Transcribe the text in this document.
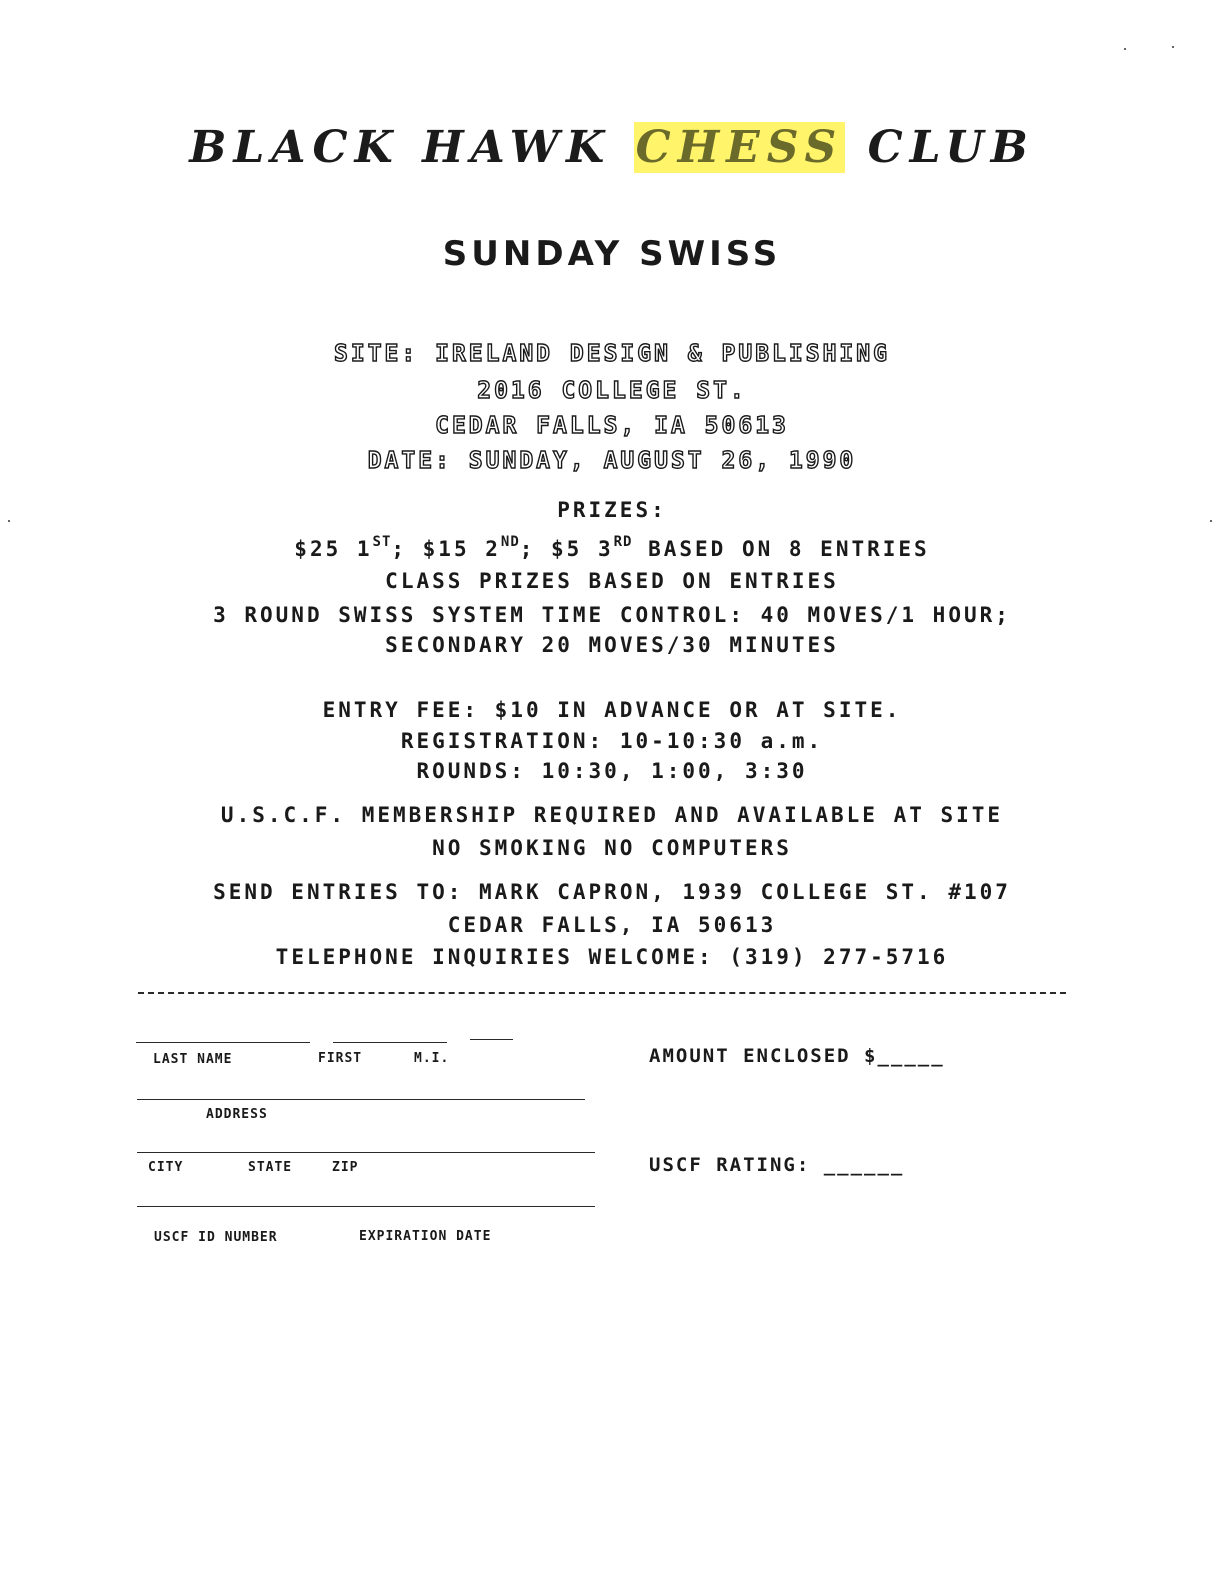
BLACK HAWK CHESS CLUB
SUNDAY SWISS
SITE: IRELAND DESIGN & PUBLISHING
2016 COLLEGE ST.
CEDAR FALLS, IA 50613
DATE: SUNDAY, AUGUST 26, 1990
PRIZES:
$25 1ST; $15 2ND; $5 3RD BASED ON 8 ENTRIES
CLASS PRIZES BASED ON ENTRIES
3 ROUND SWISS SYSTEM TIME CONTROL: 40 MOVES/1 HOUR;
SECONDARY 20 MOVES/30 MINUTES
ENTRY FEE: $10 IN ADVANCE OR AT SITE.
REGISTRATION: 10-10:30 a.m.
ROUNDS: 10:30, 1:00, 3:30
U.S.C.F. MEMBERSHIP REQUIRED AND AVAILABLE AT SITE
NO SMOKING NO COMPUTERS
SEND ENTRIES TO: MARK CAPRON, 1939 COLLEGE ST. #107
CEDAR FALLS, IA 50613
TELEPHONE INQUIRIES WELCOME: (319) 277-5716
LAST NAME	FIRST	M.I.
ADDRESS
CITY	STATE	ZIP
USCF ID NUMBER	EXPIRATION DATE
AMOUNT ENCLOSED $_____
USCF RATING: ______
